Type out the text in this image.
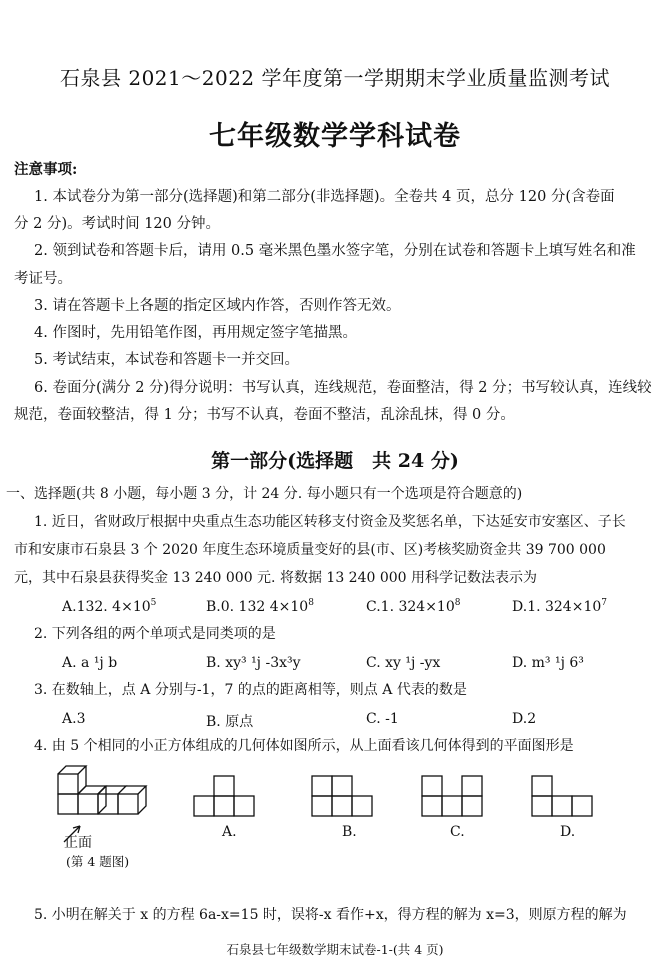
石泉县 2021～2022 学年度第一学期期末学业质量监测考试
七年级数学学科试卷
注意事项:
1. 本试卷分为第一部分(选择题)和第二部分(非选择题)。全卷共 4 页，总分 120 分(含卷面
分 2 分)。考试时间 120 分钟。
2. 领到试卷和答题卡后，请用 0.5 毫米黑色墨水签字笔，分别在试卷和答题卡上填写姓名和准
考证号。
3. 请在答题卡上各题的指定区域内作答，否则作答无效。
4. 作图时，先用铅笔作图，再用规定签字笔描黑。
5. 考试结束，本试卷和答题卡一并交回。
6. 卷面分(满分 2 分)得分说明：书写认真，连线规范，卷面整洁，得 2 分；书写较认真，连线较
规范，卷面较整洁，得 1 分；书写不认真，卷面不整洁，乱涂乱抹，得 0 分。
第一部分(选择题　共 24 分)
一、选择题(共 8 小题，每小题 3 分，计 24 分. 每小题只有一个选项是符合题意的)
1. 近日，省财政厅根据中央重点生态功能区转移支付资金及奖惩名单，下达延安市安塞区、子长
市和安康市石泉县 3 个 2020 年度生态环境质量变好的县(市、区)考核奖励资金共 39 700 000
元，其中石泉县获得奖金 13 240 000 元. 将数据 13 240 000 用科学记数法表示为
A.132. $4\times 10^5$	B.0. 132 $4\times 10^8$	C.1. $324\times 10^8$	D.1. $324\times 10^7$
2. 下列各组的两个单项式是同类项的是
A. a ¹j b	B. xy³ ¹j -3x³y	C. xy ¹j -yx	D. m³ ¹j 6³
3. 在数轴上，点 A 分别与-1，7 的点的距离相等，则点 A 代表的数是
A.3	B. 原点	C. -1	D.2
4. 由 5 个相同的小正方体组成的几何体如图所示，从上面看该几何体得到的平面图形是
正面
(第 4 题图)
A.	B.	C.	D.
5. 小明在解关于 x 的方程 6a-x=15 时，误将-x 看作+x，得方程的解为 x=3，则原方程的解为
石泉县七年级数学期末试卷-1-(共 4 页)
